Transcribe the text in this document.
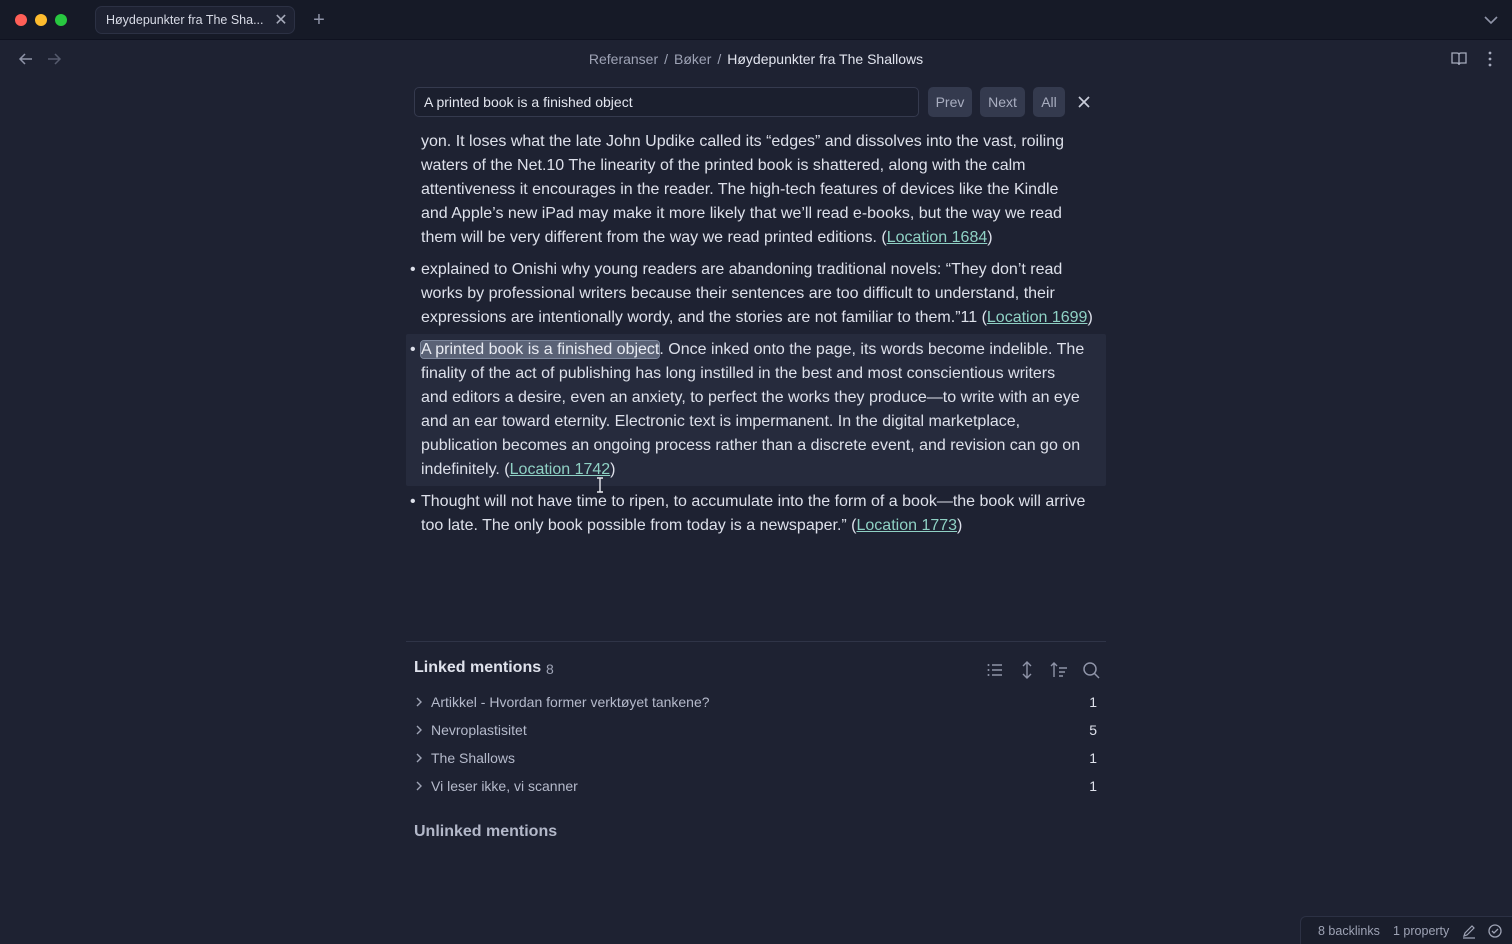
Høydepunkter fra The Sha... ✕	+
Referanser / Bøker / Høydepunkter fra The Shallows
A printed book is a finished object
Prev	Next	All
yon. It loses what the late John Updike called its “edges” and dissolves into the vast, roiling
waters of the Net.10 The linearity of the printed book is shattered, along with the calm
attentiveness it encourages in the reader. The high-tech features of devices like the Kindle
and Apple’s new iPad may make it more likely that we’ll read e-books, but the way we read
them will be very different from the way we read printed editions. (Location 1684)
• explained to Onishi why young readers are abandoning traditional novels: “They don’t read
works by professional writers because their sentences are too difficult to understand, their
expressions are intentionally wordy, and the stories are not familiar to them.”11 (Location 1699)
• A printed book is a finished object. Once inked onto the page, its words become indelible. The
finality of the act of publishing has long instilled in the best and most conscientious writers
and editors a desire, even an anxiety, to perfect the works they produce—to write with an eye
and an ear toward eternity. Electronic text is impermanent. In the digital marketplace,
publication becomes an ongoing process rather than a discrete event, and revision can go on
indefinitely. (Location 1742)
• Thought will not have time to ripen, to accumulate into the form of a book—the book will arrive
too late. The only book possible from today is a newspaper.” (Location 1773)
Linked mentions 8
Artikkel - Hvordan former verktøyet tankene?	1
Nevroplastisitet	5
The Shallows	1
Vi leser ikke, vi scanner	1
Unlinked mentions
8 backlinks 1 property
